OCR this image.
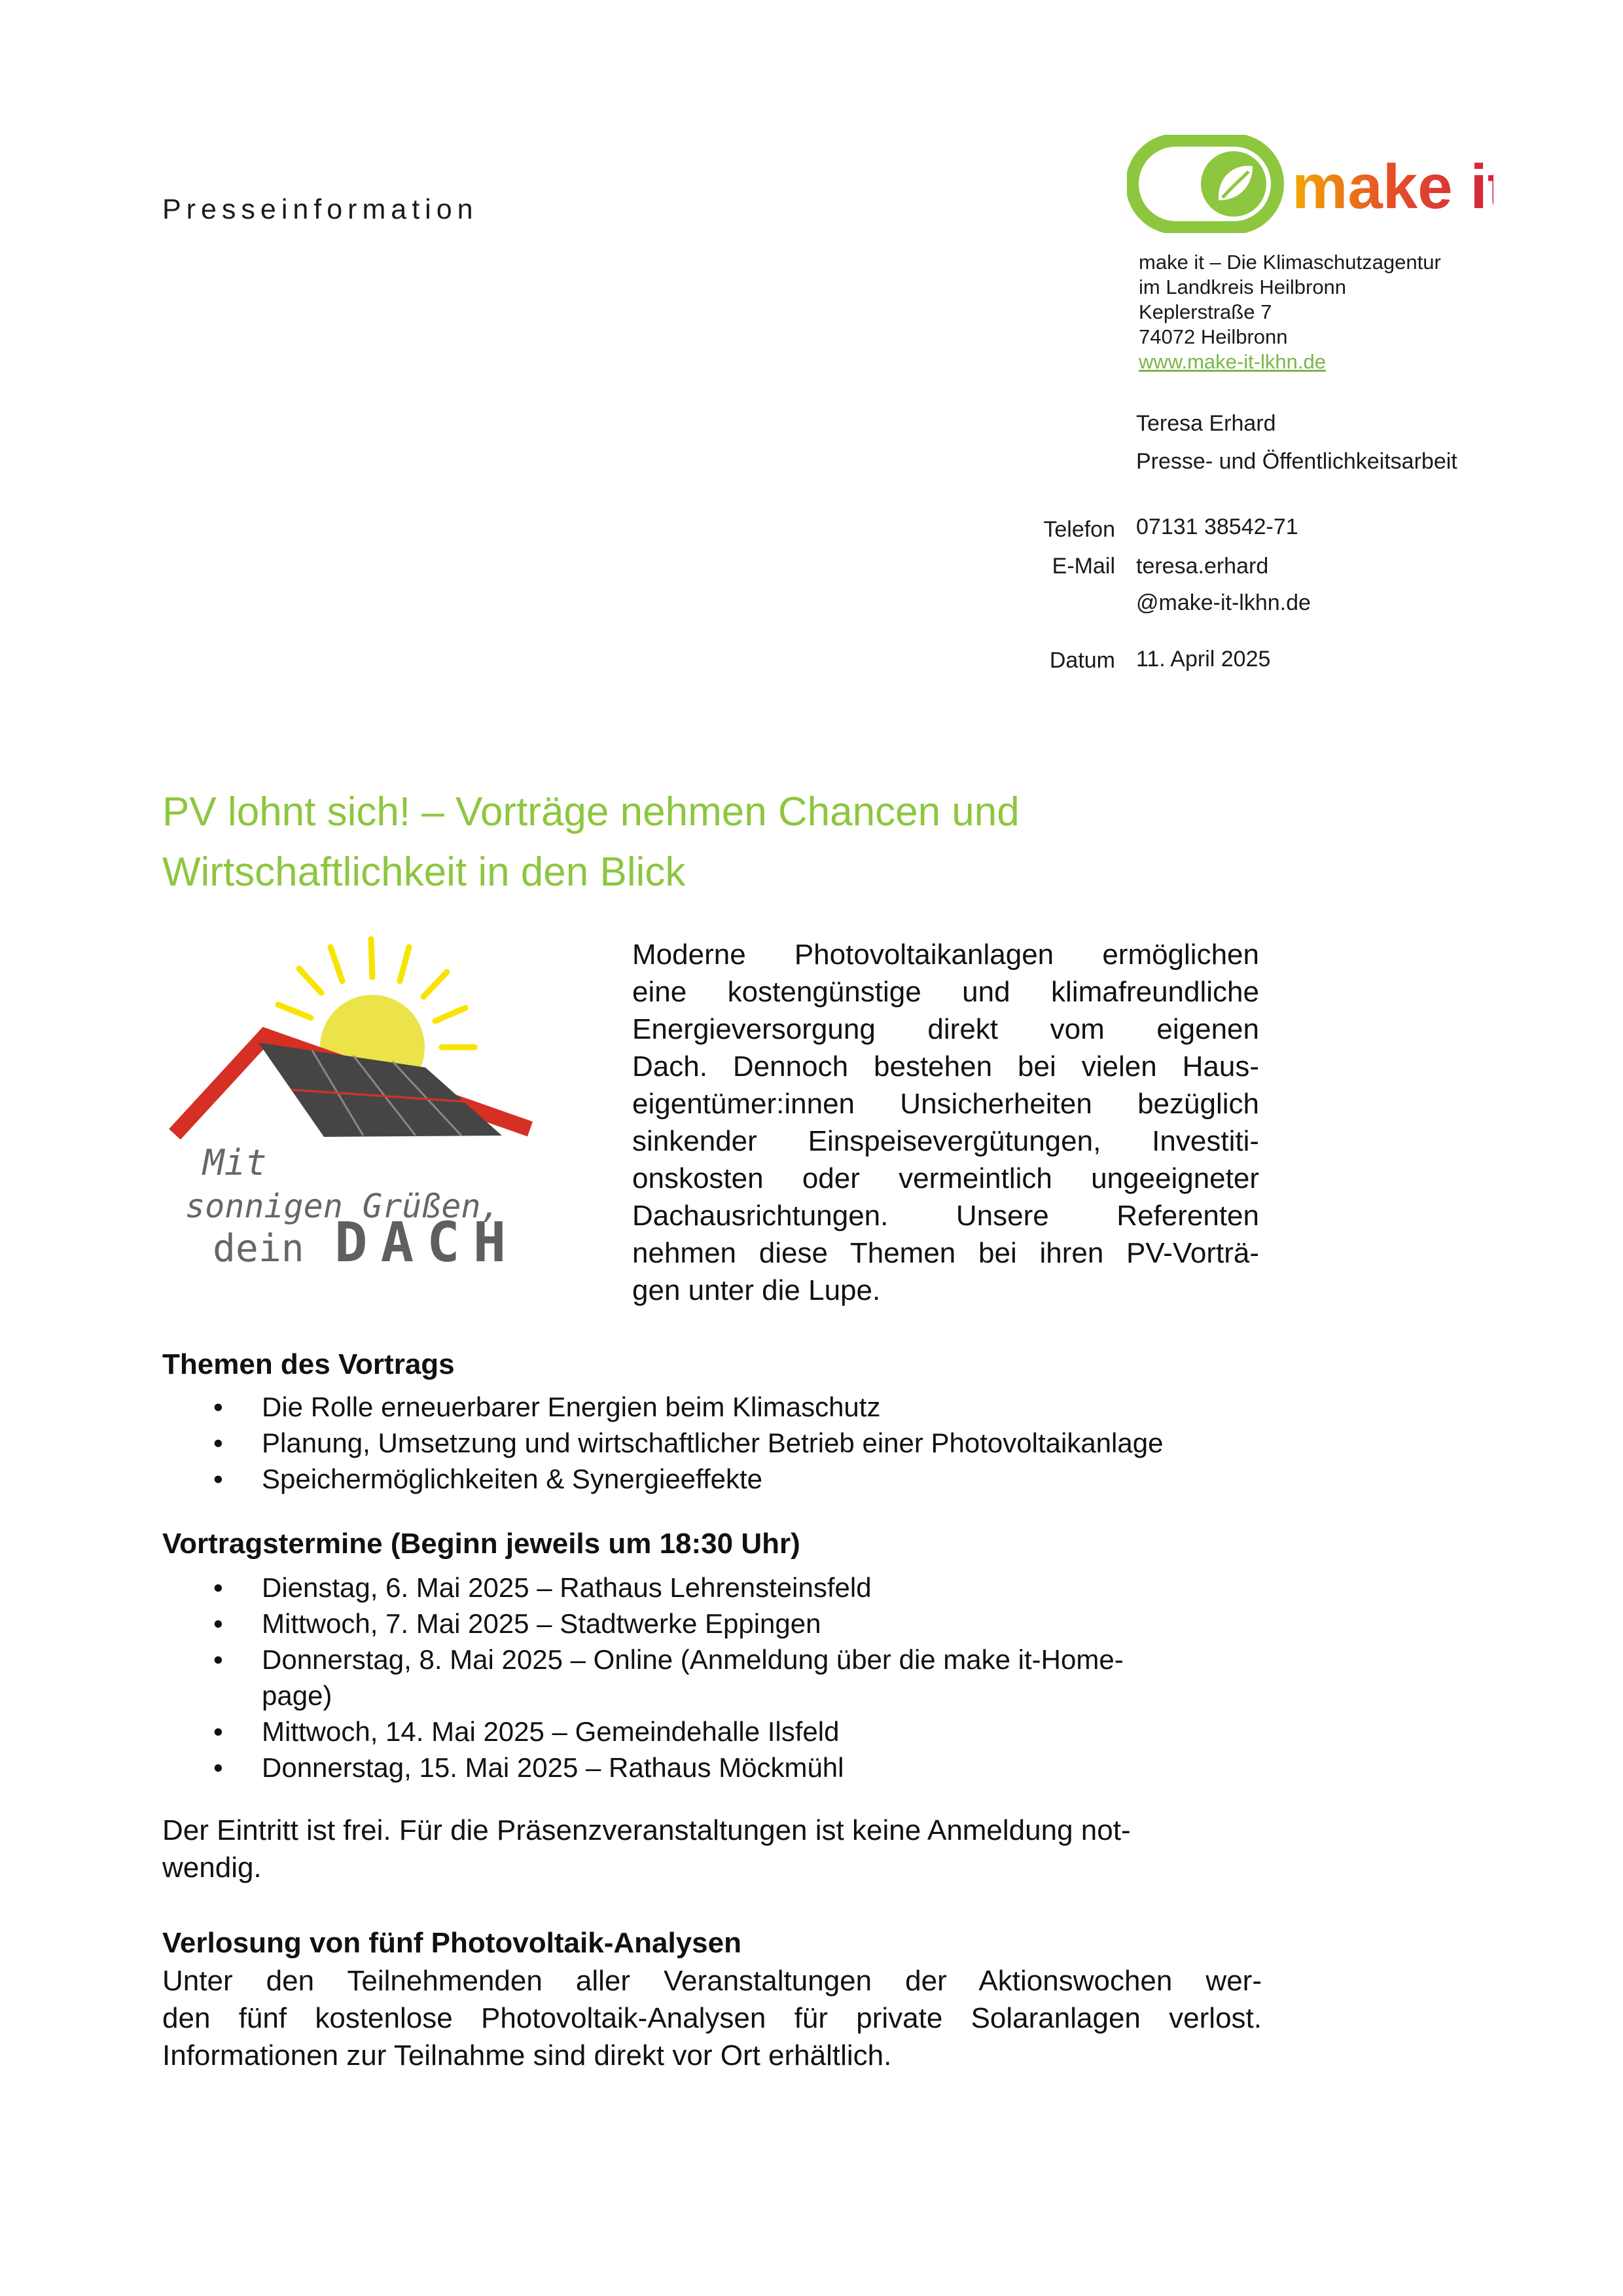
Presseinformation	make it
make it – Die Klimaschutzagentur
im Landkreis Heilbronn
Keplerstraße 7
74072 Heilbronn
www.make-it-lkhn.de
Teresa Erhard
Presse- und Öffentlichkeitsarbeit
Telefon 07131 38542-71
E-Mail teresa.erhard
@make-it-lkhn.de
Datum 11. April 2025
PV lohnt sich! – Vorträge nehmen Chancen und
Wirtschaftlichkeit in den Blick
Mit
sonnigen Grüßen,
dein DACH
Moderne Photovoltaikanlagen ermöglichen
eine kostengünstige und klimafreundliche
Energieversorgung direkt vom eigenen
Dach. Dennoch bestehen bei vielen Haus-
eigentümer:innen Unsicherheiten bezüglich
sinkender Einspeisevergütungen, Investiti-
onskosten oder vermeintlich ungeeigneter
Dachausrichtungen. Unsere Referenten
nehmen diese Themen bei ihren PV-Vorträ-
gen unter die Lupe.
Themen des Vortrags
• Die Rolle erneuerbarer Energien beim Klimaschutz
• Planung, Umsetzung und wirtschaftlicher Betrieb einer Photovoltaikanlage
• Speichermöglichkeiten & Synergieeffekte
Vortragstermine (Beginn jeweils um 18:30 Uhr)
• Dienstag, 6. Mai 2025 – Rathaus Lehrensteinsfeld
• Mittwoch, 7. Mai 2025 – Stadtwerke Eppingen
• Donnerstag, 8. Mai 2025 – Online (Anmeldung über die make it-Home-
page)
• Mittwoch, 14. Mai 2025 – Gemeindehalle Ilsfeld
• Donnerstag, 15. Mai 2025 – Rathaus Möckmühl
Der Eintritt ist frei. Für die Präsenzveranstaltungen ist keine Anmeldung not-
wendig.
Verlosung von fünf Photovoltaik-Analysen
Unter den Teilnehmenden aller Veranstaltungen der Aktionswochen wer-
den fünf kostenlose Photovoltaik-Analysen für private Solaranlagen verlost.
Informationen zur Teilnahme sind direkt vor Ort erhältlich.
